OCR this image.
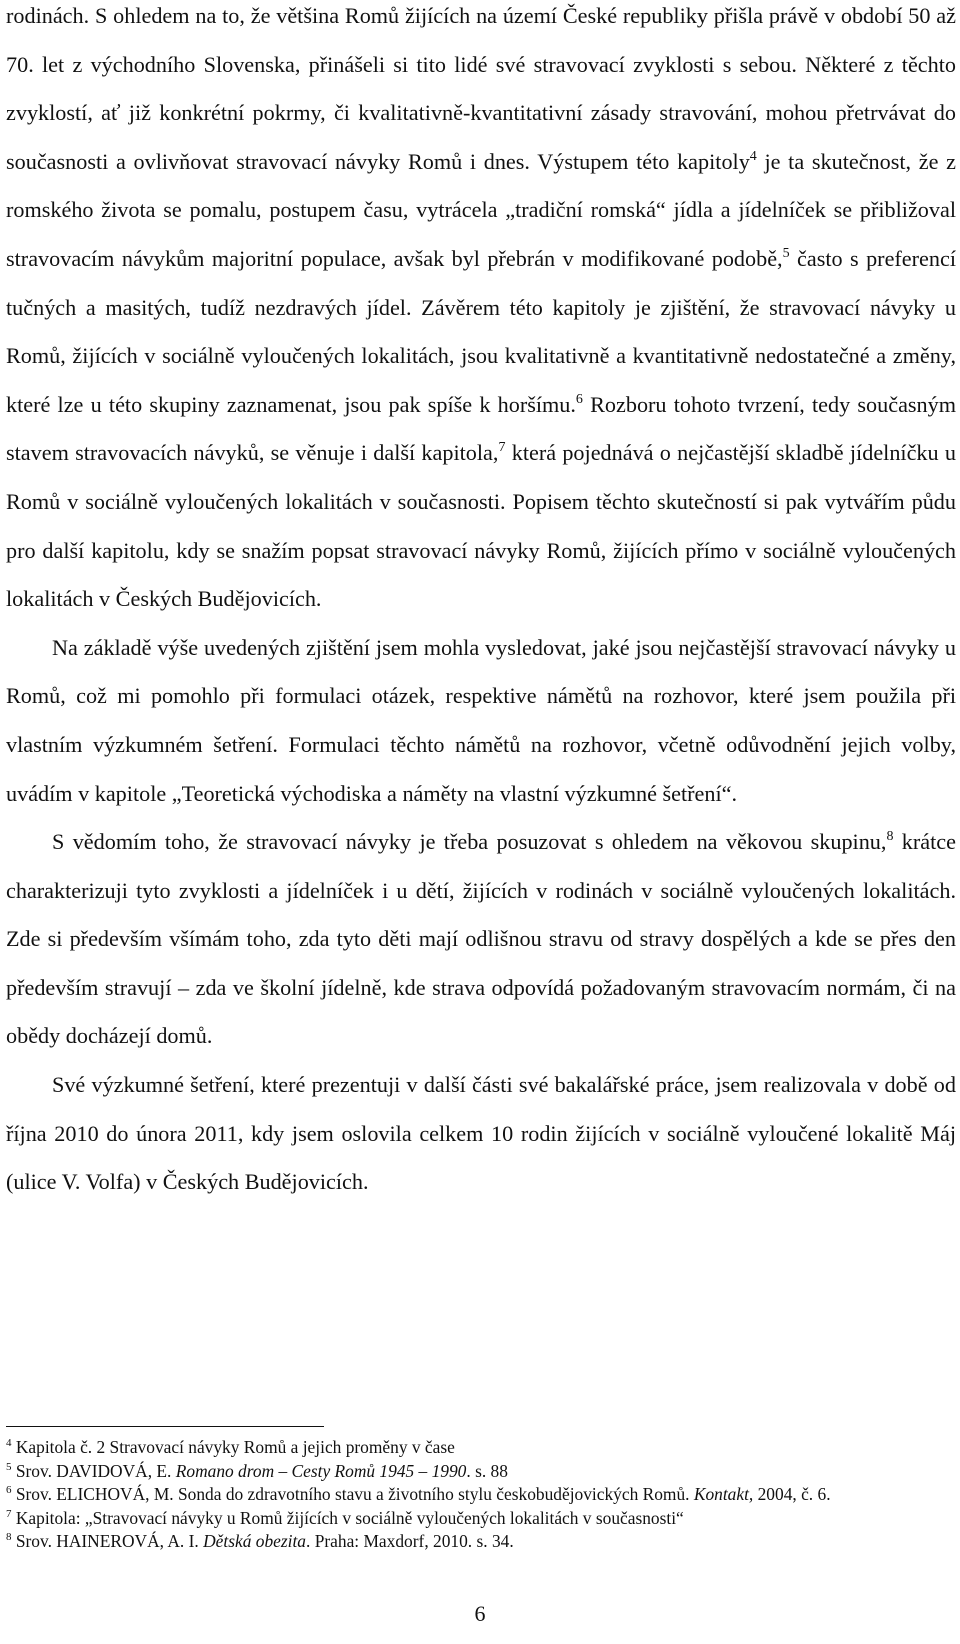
rodinách. S ohledem na to, že většina Romů žijících na území České republiky přišla právě v období 50 až 70. let z východního Slovenska, přinášeli si tito lidé své stravovací zvyklosti s sebou. Některé z těchto zvyklostí, ať již konkrétní pokrmy, či kvalitativně-kvantitativní zásady stravování, mohou přetrvávat do současnosti a ovlivňovat stravovací návyky Romů i dnes. Výstupem této kapitoly$^4$ je ta skutečnost, že z romského života se pomalu, postupem času, vytrácela „tradiční romská“ jídla a jídelníček se přibližoval stravovacím návykům majoritní populace, avšak byl přebrán v modifikované podobě,$^5$ často s preferencí tučných a masitých, tudíž nezdravých jídel. Závěrem této kapitoly je zjištění, že stravovací návyky u Romů, žijících v sociálně vyloučených lokalitách, jsou kvalitativně a kvantitativně nedostatečné a změny, které lze u této skupiny zaznamenat, jsou pak spíše k horšímu.$^6$ Rozboru tohoto tvrzení, tedy současným stavem stravovacích návyků, se věnuje i další kapitola,$^7$ která pojednává o nejčastější skladbě jídelníčku u Romů v sociálně vyloučených lokalitách v současnosti. Popisem těchto skutečností si pak vytvářím půdu pro další kapitolu, kdy se snažím popsat stravovací návyky Romů, žijících přímo v sociálně vyloučených lokalitách v Českých Budějovicích.

Na základě výše uvedených zjištění jsem mohla vysledovat, jaké jsou nejčastější stravovací návyky u Romů, což mi pomohlo při formulaci otázek, respektive námětů na rozhovor, které jsem použila při vlastním výzkumném šetření. Formulaci těchto námětů na rozhovor, včetně odůvodnění jejich volby, uvádím v kapitole „Teoretická východiska a náměty na vlastní výzkumné šetření“.

S vědomím toho, že stravovací návyky je třeba posuzovat s ohledem na věkovou skupinu,$^8$ krátce charakterizuji tyto zvyklosti a jídelníček i u dětí, žijících v rodinách v sociálně vyloučených lokalitách. Zde si především všímám toho, zda tyto děti mají odlišnou stravu od stravy dospělých a kde se přes den především stravují – zda ve školní jídelně, kde strava odpovídá požadovaným stravovacím normám, či na obědy docházejí domů.

Své výzkumné šetření, které prezentuji v další části své bakalářské práce, jsem realizovala v době od října 2010 do února 2011, kdy jsem oslovila celkem 10 rodin žijících v sociálně vyloučené lokalitě Máj (ulice V. Volfa) v Českých Budějovicích.

$^4$ Kapitola č. 2 Stravovací návyky Romů a jejich proměny v čase

$^5$ Srov. DAVIDOVÁ, E. Romano drom – Cesty Romů 1945 – 1990. s. 88

$^6$ Srov. ELICHOVÁ, M. Sonda do zdravotního stavu a životního stylu českobudějovických Romů. Kontakt, 2004, č. 6.

$^7$ Kapitola: „Stravovací návyky u Romů žijících v sociálně vyloučených lokalitách v současnosti“

$^8$ Srov. HAINEROVÁ, A. I. Dětská obezita. Praha: Maxdorf, 2010. s. 34.

6
